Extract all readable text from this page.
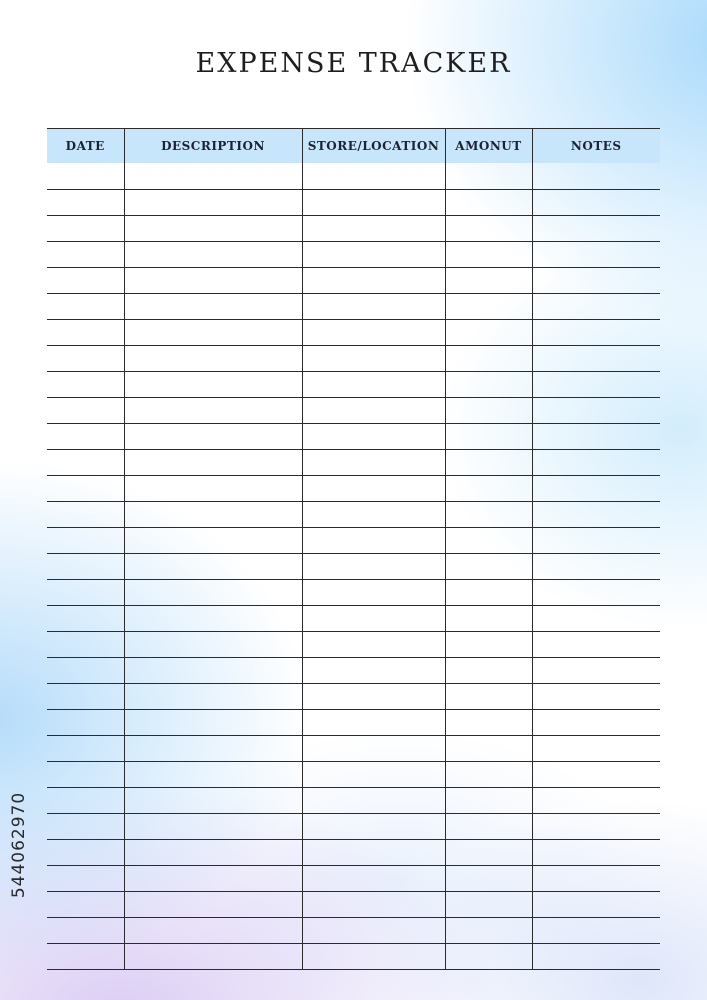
EXPENSE TRACKER
DATE	DESCRIPTION	STORE/LOCATION	AMONUT	NOTES

544062970
